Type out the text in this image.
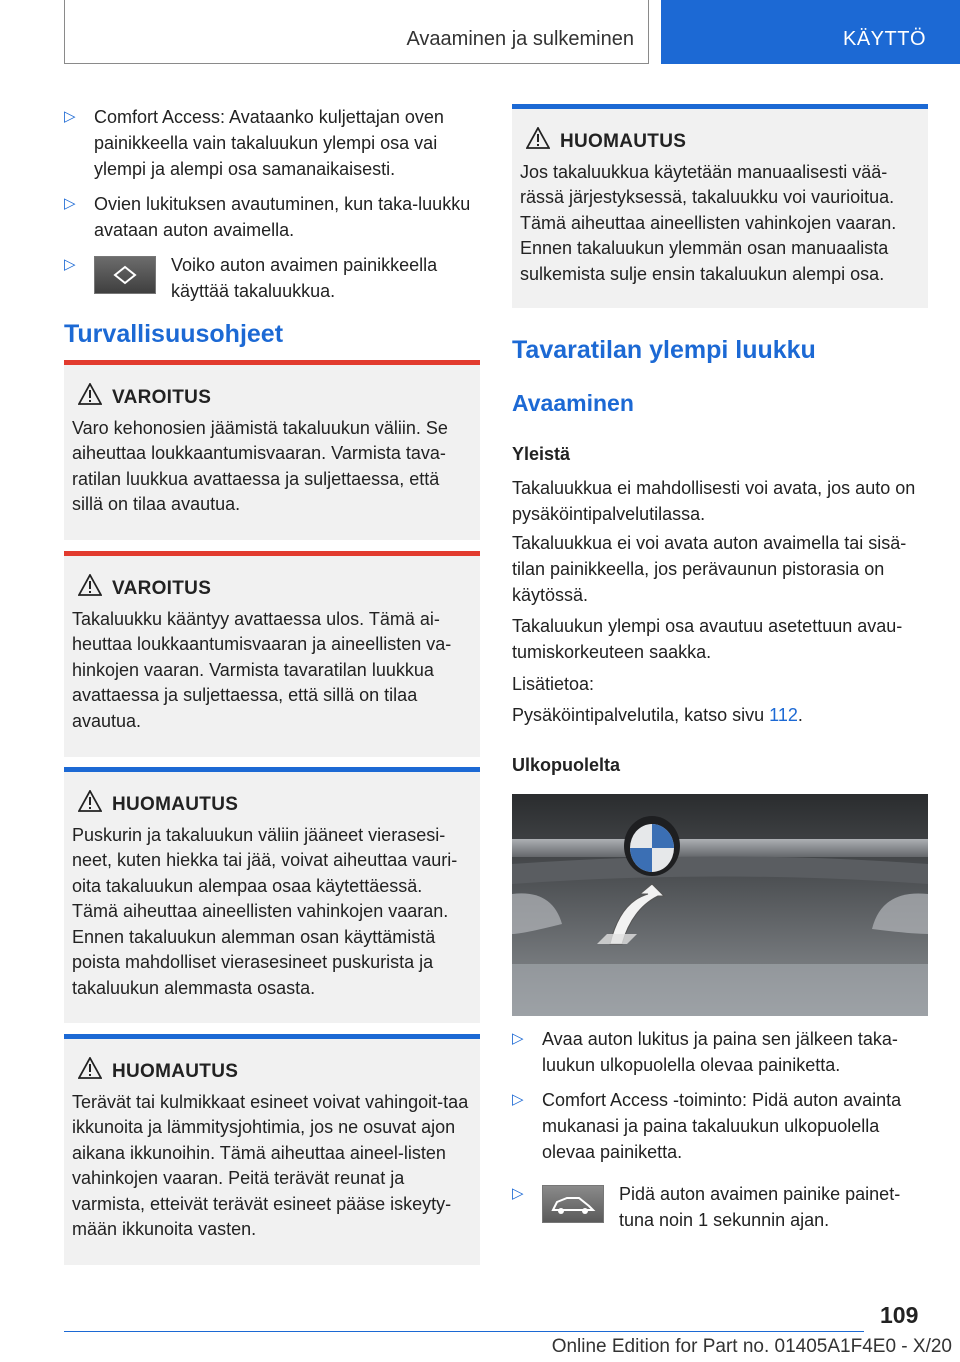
Avaaminen ja sulkeminen	KÄYTTÖ
▷ Comfort Access: Avataanko kuljettajan oven painikkeella vain takaluukun ylempi osa vai ylempi ja alempi osa samanaikaisesti.
▷ Ovien lukituksen avautuminen, kun taka-luukku avataan auton avaimella.
▷	Voiko auton avaimen painikkeella käyttää takaluukkua.
Turvallisuusohjeet
VAROITUS
Varo kehonosien jäämistä takaluukun väliin. Se aiheuttaa loukkaantumisvaaran. Varmista tava-ratilan luukkua avattaessa ja suljettaessa, että sillä on tilaa avautua.
VAROITUS
Takaluukku kääntyy avattaessa ulos. Tämä ai-heuttaa loukkaantumisvaaran ja aineellisten va-hinkojen vaaran. Varmista tavaratilan luukkua avattaessa ja suljettaessa, että sillä on tilaa avautua.
HUOMAUTUS
Puskurin ja takaluukun väliin jääneet vierasesi-neet, kuten hiekka tai jää, voivat aiheuttaa vauri-oita takaluukun alempaa osaa käytettäessä. Tämä aiheuttaa aineellisten vahinkojen vaaran. Ennen takaluukun alemman osan käyttämistä poista mahdolliset vierasesineet puskurista ja takaluukun alemmasta osasta.
HUOMAUTUS
Terävät tai kulmikkaat esineet voivat vahingoit-taa ikkunoita ja lämmitysjohtimia, jos ne osuvat ajon aikana ikkunoihin. Tämä aiheuttaa aineel-listen vahinkojen vaaran. Peitä terävät reunat ja varmista, etteivät terävät esineet pääse iskeyty-mään ikkunoita vasten.
HUOMAUTUS
Jos takaluukkua käytetään manuaalisesti vää-rässä järjestyksessä, takaluukku voi vaurioitua. Tämä aiheuttaa aineellisten vahinkojen vaaran. Ennen takaluukun ylemmän osan manuaalista sulkemista sulje ensin takaluukun alempi osa.
Tavaratilan ylempi luukku
Avaaminen
Yleistä
Takaluukkua ei mahdollisesti voi avata, jos auto on pysäköintipalvelutilassa.
Takaluukkua ei voi avata auton avaimella tai sisä-tilan painikkeella, jos perävaunun pistorasia on käytössä.
Takaluukun ylempi osa avautuu asetettuun avau-tumiskorkeuteen saakka.
Lisätietoa:
Pysäköintipalvelutila, katso sivu 112.
Ulkopuolelta
▷ Avaa auton lukitus ja paina sen jälkeen taka-luukun ulkopuolella olevaa painiketta.
▷ Comfort Access -toiminto: Pidä auton avainta mukanasi ja paina takaluukun ulkopuolella olevaa painiketta.
▷	Pidä auton avaimen painike painet-tuna noin 1 sekunnin ajan.
109
Online Edition for Part no. 01405A1F4E0 - X/20
